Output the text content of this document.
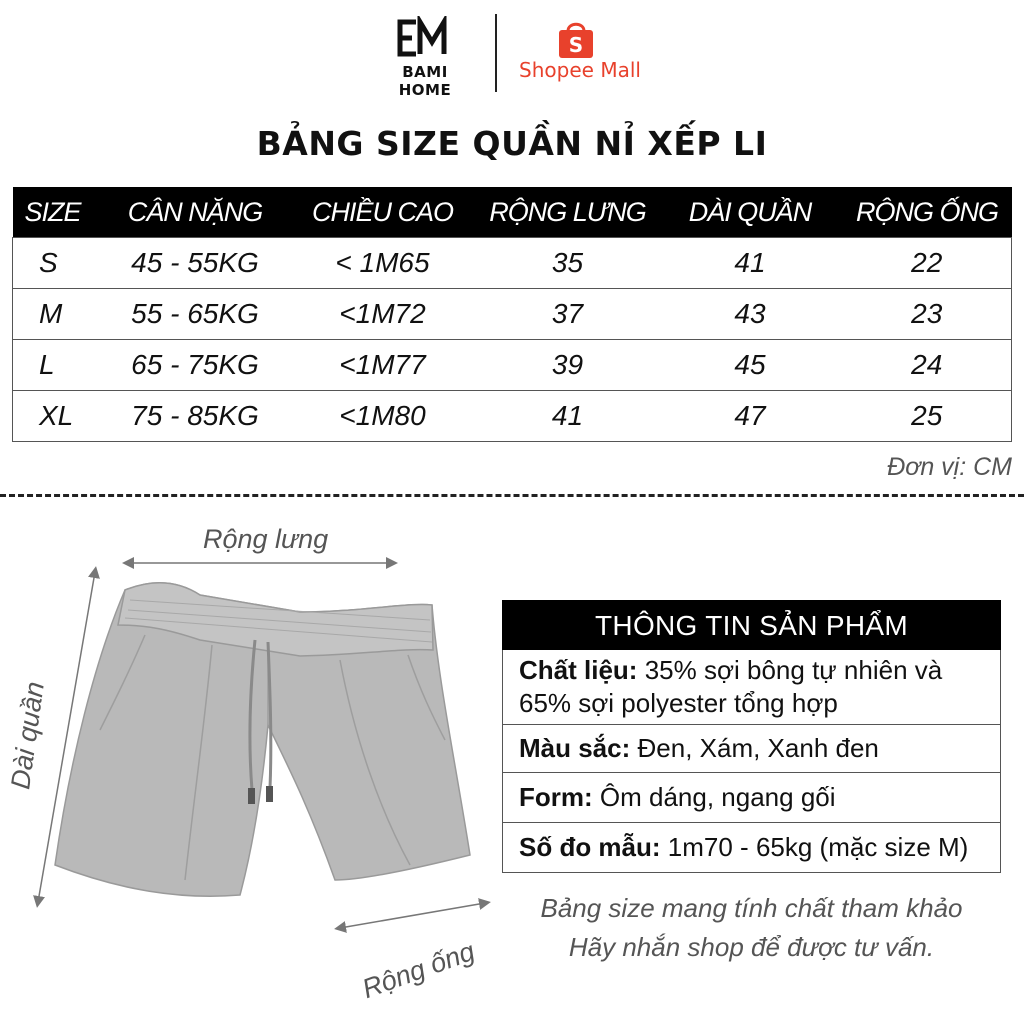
BAMI HOME
S
Shopee Mall
BẢNG SIZE QUẦN NỈ XẾP LI
SIZE	CÂN NẶNG	CHIỀU CAO	RỘNG LƯNG	DÀI QUẦN	RỘNG ỐNG
S	45 - 55KG	< 1M65	35	41	22
M	55 - 65KG	<1M72	37	43	23
L	65 - 75KG	<1M77	39	45	24
XL	75 - 85KG	<1M80	41	47	25
Đơn vị: CM
Rộng lưng
Dài quần
Rộng ống
THÔNG TIN SẢN PHẨM
Chất liệu: 35% sợi bông tự nhiên và 65% sợi polyester tổng hợp
Màu sắc: Đen, Xám, Xanh đen
Form: Ôm dáng, ngang gối
Số đo mẫu: 1m70 - 65kg (mặc size M)
Bảng size mang tính chất tham khảo
Hãy nhắn shop để được tư vấn.
